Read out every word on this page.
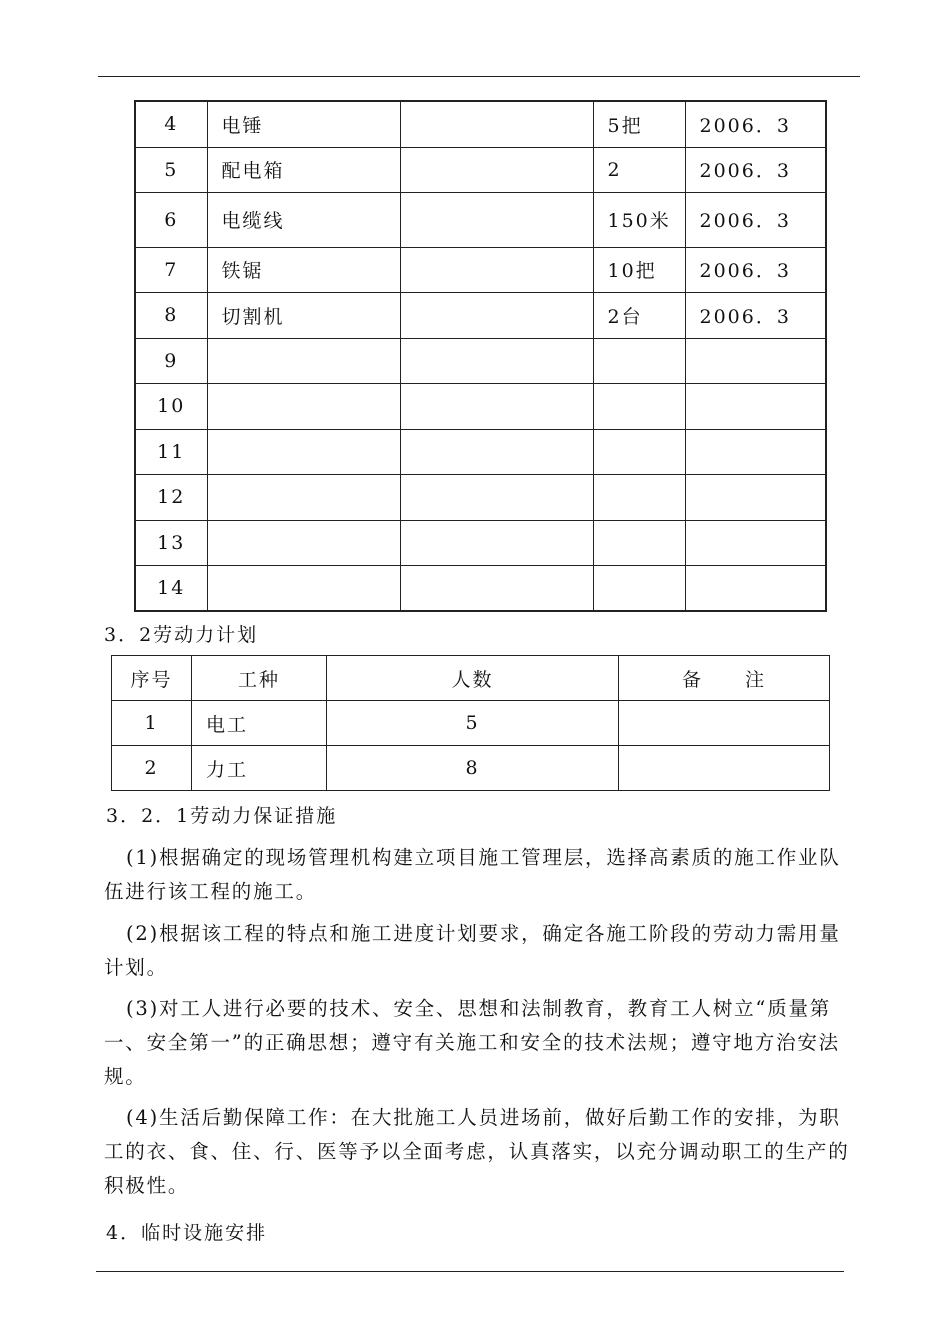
4	电锤		5把	2006．3
5	配电箱		2	2006．3
6	电缆线		150米	2006．3
7	铁锯		10把	2006．3
8	切割机		2台	2006．3
9				
10				
11				
12				
13				
14				
3．2劳动力计划
序号	工种	人数	备　　注
1	电工	5	
2	力工	8	
3．2．1劳动力保证措施

(1)根据确定的现场管理机构建立项目施工管理层，选择高素质的施工作业队伍进行该工程的施工。

(2)根据该工程的特点和施工进度计划要求，确定各施工阶段的劳动力需用量计划。

(3)对工人进行必要的技术、安全、思想和法制教育，教育工人树立“质量第一、安全第一”的正确思想；遵守有关施工和安全的技术法规；遵守地方治安法规。

(4)生活后勤保障工作：在大批施工人员进场前，做好后勤工作的安排，为职工的衣、食、住、行、医等予以全面考虑，认真落实，以充分调动职工的生产的积极性。

4．临时设施安排
